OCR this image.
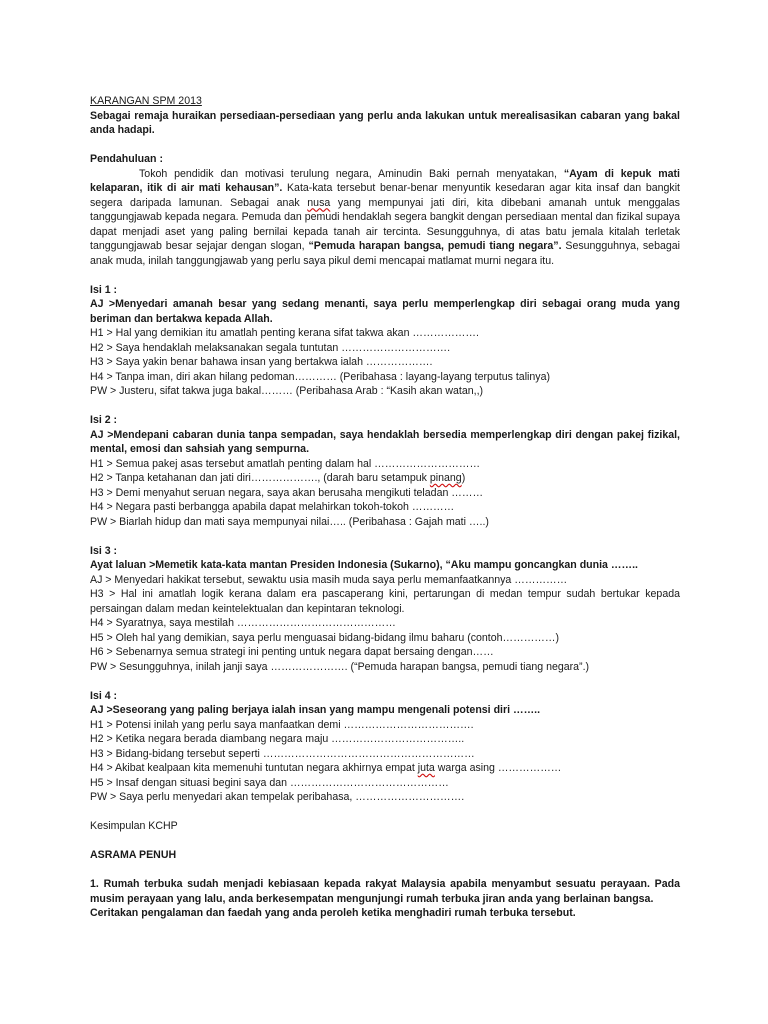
KARANGAN SPM 2013

Sebagai remaja huraikan persediaan-persediaan yang perlu anda lakukan untuk merealisasikan cabaran yang bakal anda hadapi.

Pendahuluan :

Tokoh pendidik dan motivasi terulung negara, Aminudin Baki pernah menyatakan, “Ayam di kepuk mati kelaparan, itik di air mati kehausan”. Kata-kata tersebut benar-benar menyuntik kesedaran agar kita insaf dan bangkit segera daripada lamunan. Sebagai anak nusa yang mempunyai jati diri, kita dibebani amanah untuk menggalas tanggungjawab kepada negara. Pemuda dan pemudi hendaklah segera bangkit dengan persediaan mental dan fizikal supaya dapat menjadi aset yang paling bernilai kepada tanah air tercinta. Sesungguhnya, di atas batu jemala kitalah terletak tanggungjawab besar sejajar dengan slogan, “Pemuda harapan bangsa, pemudi tiang negara”. Sesungguhnya, sebagai anak muda, inilah tanggungjawab yang perlu saya pikul demi mencapai matlamat murni negara itu.

Isi 1 :

AJ >Menyedari amanah besar yang sedang menanti, saya perlu memperlengkap diri sebagai orang muda yang beriman dan bertakwa kepada Allah.

H1 > Hal yang demikian itu amatlah penting kerana sifat takwa akan ……………….

H2 > Saya hendaklah melaksanakan segala tuntutan ………………………….

H3 > Saya yakin benar bahawa insan yang bertakwa ialah ……………….

H4 > Tanpa iman, diri akan hilang pedoman………… (Peribahasa : layang-layang terputus talinya)

PW > Justeru, sifat takwa juga bakal……… (Peribahasa Arab : “Kasih akan watan,,)

Isi 2 :

AJ >Mendepani cabaran dunia tanpa sempadan, saya hendaklah bersedia memperlengkap diri dengan pakej fizikal, mental, emosi dan sahsiah yang sempurna.

H1 > Semua pakej asas tersebut amatlah penting dalam hal …………………………

H2 > Tanpa ketahanan dan jati diri………………., (darah baru setampuk pinang)

H3 > Demi menyahut seruan negara, saya akan berusaha mengikuti teladan ………

H4 > Negara pasti berbangga apabila dapat melahirkan tokoh-tokoh …………

PW > Biarlah hidup dan mati saya mempunyai nilai….. (Peribahasa : Gajah mati …..)

Isi 3 :

Ayat laluan >Memetik kata-kata mantan Presiden Indonesia (Sukarno), “Aku mampu goncangkan dunia ……..

AJ > Menyedari hakikat tersebut, sewaktu usia masih muda saya perlu memanfaatkannya ……………

H3 > Hal ini amatlah logik kerana dalam era pascaperang kini, pertarungan di medan tempur sudah bertukar kepada persaingan dalam medan keintelektualan dan kepintaran teknologi.

H4 > Syaratnya, saya mestilah ………………………………………

H5 > Oleh hal yang demikian, saya perlu menguasai bidang-bidang ilmu baharu (contoh……………)

H6 > Sebenarnya semua strategi ini penting untuk negara dapat bersaing dengan……

PW > Sesungguhnya, inilah janji saya …………………. (“Pemuda harapan bangsa, pemudi tiang negara”.)

Isi 4 :

AJ >Seseorang yang paling berjaya ialah insan yang mampu mengenali potensi diri ……..

H1 > Potensi inilah yang perlu saya manfaatkan demi ……………………………….

H2 > Ketika negara berada diambang negara maju ………………………………..

H3 > Bidang-bidang tersebut seperti ……………………………………………………

H4 > Akibat kealpaan kita memenuhi tuntutan negara akhirnya empat juta warga asing ………………

H5 > Insaf dengan situasi begini saya dan ………………………………………

PW > Saya perlu menyedari akan tempelak peribahasa, ………………………….

Kesimpulan KCHP

ASRAMA PENUH

1. Rumah terbuka sudah menjadi kebiasaan kepada rakyat Malaysia apabila menyambut sesuatu perayaan. Pada musim perayaan yang lalu, anda berkesempatan mengunjungi rumah terbuka jiran anda yang berlainan bangsa.

Ceritakan pengalaman dan faedah yang anda peroleh ketika menghadiri rumah terbuka tersebut.
